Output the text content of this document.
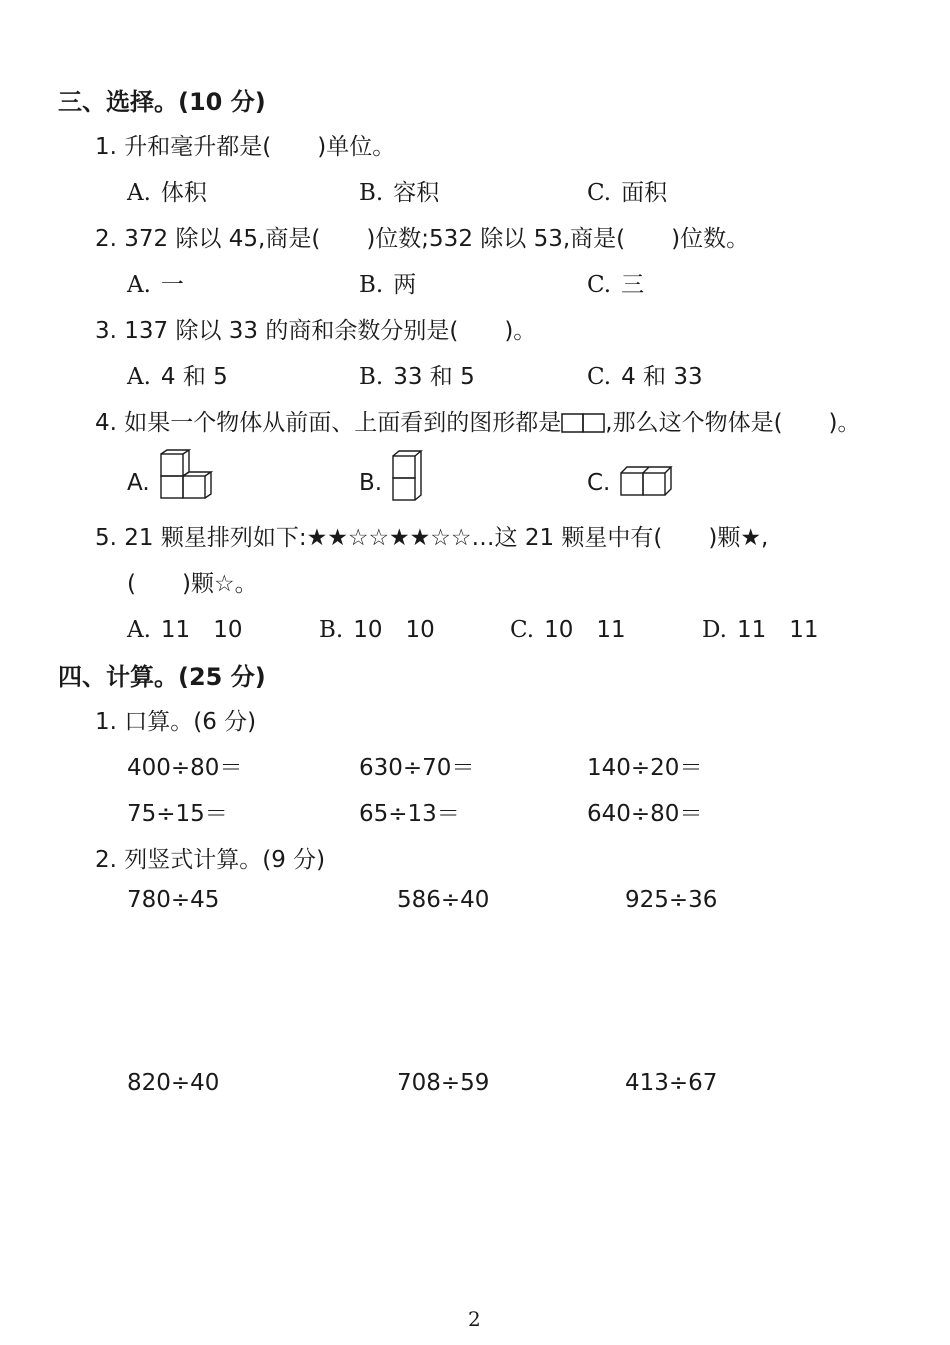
三、选择。(10 分)
1. 升和毫升都是(　　)单位。
A. 体积	B. 容积	C. 面积
2. 372 除以 45,商是(　　)位数;532 除以 53,商是(　　)位数。
A. 一	B. 两	C. 三
3. 137 除以 33 的商和余数分别是(　　)。
A. 4 和 5	B. 33 和 5	C. 4 和 33
4. 如果一个物体从前面、上面看到的图形都是 ,那么这个物体是(　　)。
A.	B.	C.
5. 21 颗星排列如下:★★☆☆★★☆☆…这 21 颗星中有(　　)颗★,
(　　)颗☆。
A. 11　10	B. 10　10	C. 10　11	D. 11　11
四、计算。(25 分)
1. 口算。(6 分)
400÷80＝	630÷70＝	140÷20＝
75÷15＝	65÷13＝	640÷80＝
2. 列竖式计算。(9 分)
780÷45	586÷40	925÷36
820÷40	708÷59	413÷67
2
